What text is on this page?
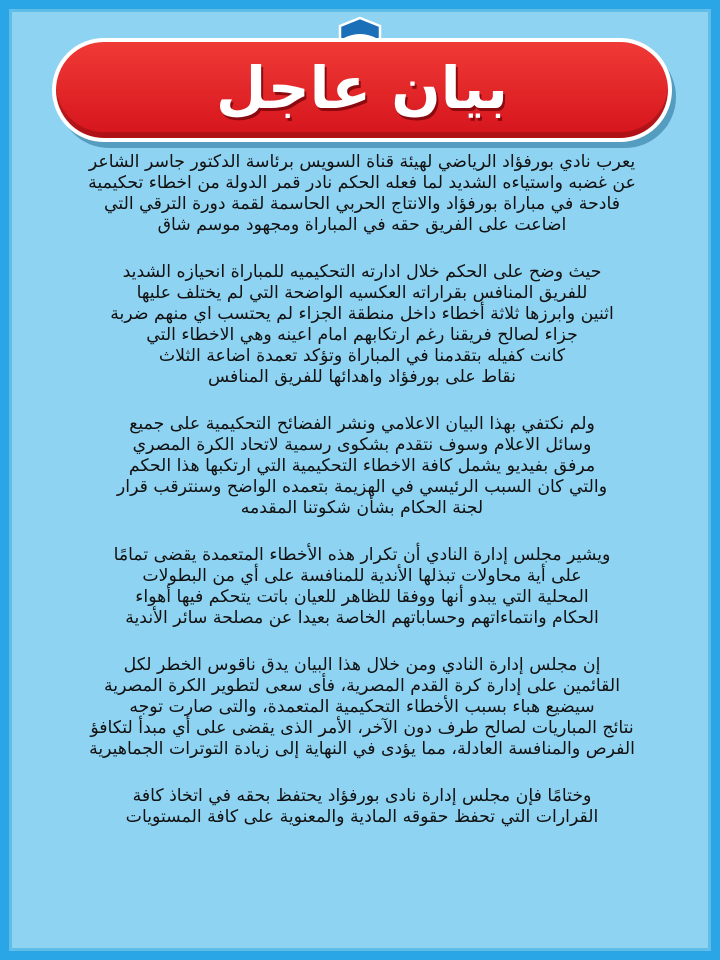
بيان عاجل
يعرب نادي بورفؤاد الرياضي لهيئة قناة السويس برئاسة الدكتور جاسر الشاعر
عن غضبه واستياءه الشديد لما فعله الحكم نادر قمر الدولة من اخطاء تحكيمية
فادحة في مباراة بورفؤاد والانتاج الحربي الحاسمة لقمة دورة الترقي التي
اضاعت على الفريق حقه في المباراة ومجهود موسم شاق
حيث وضح على الحكم خلال ادارته التحكيميه للمباراة انحيازه الشديد
للفريق المنافس بقراراته العكسيه الواضحة التي لم يختلف عليها
اثنين وابرزها ثلاثة أخطاء داخل منطقة الجزاء لم يحتسب اي منهم ضربة
جزاء لصالح فريقنا رغم ارتكابهم امام اعينه وهي الاخطاء التي
كانت كفيله بتقدمنا في المباراة وتؤكد تعمدة اضاعة الثلاث
نقاط على بورفؤاد واهدائها للفريق المنافس
ولم نكتفي بهذا البيان الاعلامي ونشر الفضائح التحكيمية على جميع
وسائل الاعلام وسوف نتقدم بشكوى رسمية لاتحاد الكرة المصري
مرفق بفيديو يشمل كافة الاخطاء التحكيمية التي ارتكبها هذا الحكم
والتي كان السبب الرئيسي في الهزيمة بتعمده الواضح وسنترقب قرار
لجنة الحكام بشأن شكوتنا المقدمه
ويشير مجلس إدارة النادي أن تكرار هذه الأخطاء المتعمدة يقضى تمامًا
على أية محاولات تبذلها الأندية للمنافسة على أي من البطولات
المحلية التي يبدو أنها ووفقا للظاهر للعيان باتت يتحكم فيها أهواء
الحكام وانتماءاتهم وحساباتهم الخاصة بعيدا عن مصلحة سائر الأندية
إن مجلس إدارة النادي ومن خلال هذا البيان يدق ناقوس الخطر لكل
القائمين على إدارة كرة القدم المصرية، فأى سعى لتطوير الكرة المصرية
سيضيع هباء بسبب الأخطاء التحكيمية المتعمدة، والتى صارت توجه
نتائج المباريات لصالح طرف دون الآخر، الأمر الذى يقضى على أي مبدأ لتكافؤ
الفرص والمنافسة العادلة، مما يؤدى في النهاية إلى زيادة التوترات الجماهيرية
وختامًا فإن مجلس إدارة نادى بورفؤاد يحتفظ بحقه في اتخاذ كافة
القرارات التي تحفظ حقوقه المادية والمعنوية على كافة المستويات
